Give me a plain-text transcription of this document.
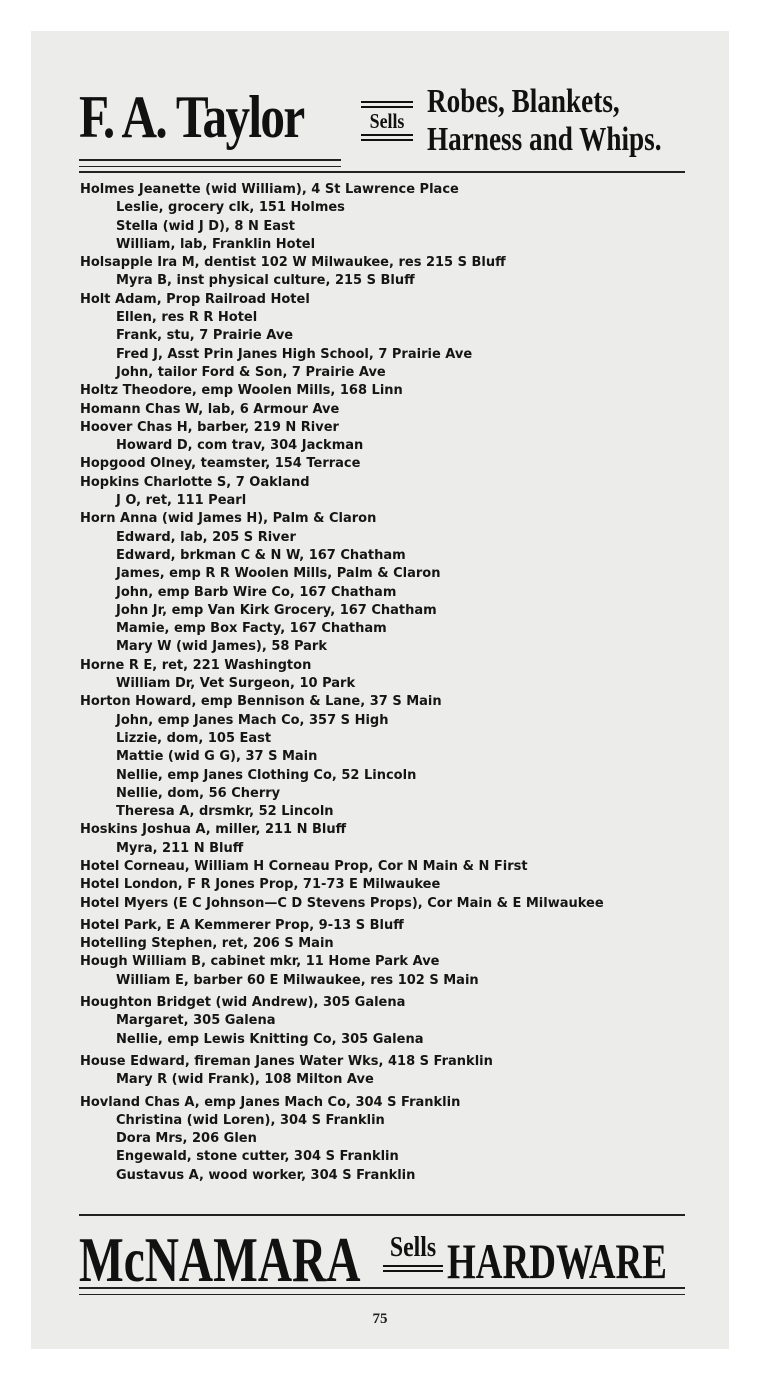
F. A. Taylor	Sells
Robes, Blankets,
Harness and Whips.
Holmes Jeanette (wid William), 4 St Lawrence Place
Leslie, grocery clk, 151 Holmes
Stella (wid J D), 8 N East
William, lab, Franklin Hotel
Holsapple Ira M, dentist 102 W Milwaukee, res 215 S Bluff
Myra B, inst physical culture, 215 S Bluff
Holt Adam, Prop Railroad Hotel
Ellen, res R R Hotel
Frank, stu, 7 Prairie Ave
Fred J, Asst Prin Janes High School, 7 Prairie Ave
John, tailor Ford & Son, 7 Prairie Ave
Holtz Theodore, emp Woolen Mills, 168 Linn
Homann Chas W, lab, 6 Armour Ave
Hoover Chas H, barber, 219 N River
Howard D, com trav, 304 Jackman
Hopgood Olney, teamster, 154 Terrace
Hopkins Charlotte S, 7 Oakland
J O, ret, 111 Pearl
Horn Anna (wid James H), Palm & Claron
Edward, lab, 205 S River
Edward, brkman C & N W, 167 Chatham
James, emp R R Woolen Mills, Palm & Claron
John, emp Barb Wire Co, 167 Chatham
John Jr, emp Van Kirk Grocery, 167 Chatham
Mamie, emp Box Facty, 167 Chatham
Mary W (wid James), 58 Park
Horne R E, ret, 221 Washington
William Dr, Vet Surgeon, 10 Park
Horton Howard, emp Bennison & Lane, 37 S Main
John, emp Janes Mach Co, 357 S High
Lizzie, dom, 105 East
Mattie (wid G G), 37 S Main
Nellie, emp Janes Clothing Co, 52 Lincoln
Nellie, dom, 56 Cherry
Theresa A, drsmkr, 52 Lincoln
Hoskins Joshua A, miller, 211 N Bluff
Myra, 211 N Bluff
Hotel Corneau, William H Corneau Prop, Cor N Main & N First
Hotel London, F R Jones Prop, 71-73 E Milwaukee
Hotel Myers (E C Johnson—C D Stevens Props), Cor Main & E Milwaukee
Hotel Park, E A Kemmerer Prop, 9-13 S Bluff
Hotelling Stephen, ret, 206 S Main
Hough William B, cabinet mkr, 11 Home Park Ave
William E, barber 60 E Milwaukee, res 102 S Main
Houghton Bridget (wid Andrew), 305 Galena
Margaret, 305 Galena
Nellie, emp Lewis Knitting Co, 305 Galena
House Edward, fireman Janes Water Wks, 418 S Franklin
Mary R (wid Frank), 108 Milton Ave
Hovland Chas A, emp Janes Mach Co, 304 S Franklin
Christina (wid Loren), 304 S Franklin
Dora Mrs, 206 Glen
Engewald, stone cutter, 304 S Franklin
Gustavus A, wood worker, 304 S Franklin
McNAMARA Sells HARDWARE
75
